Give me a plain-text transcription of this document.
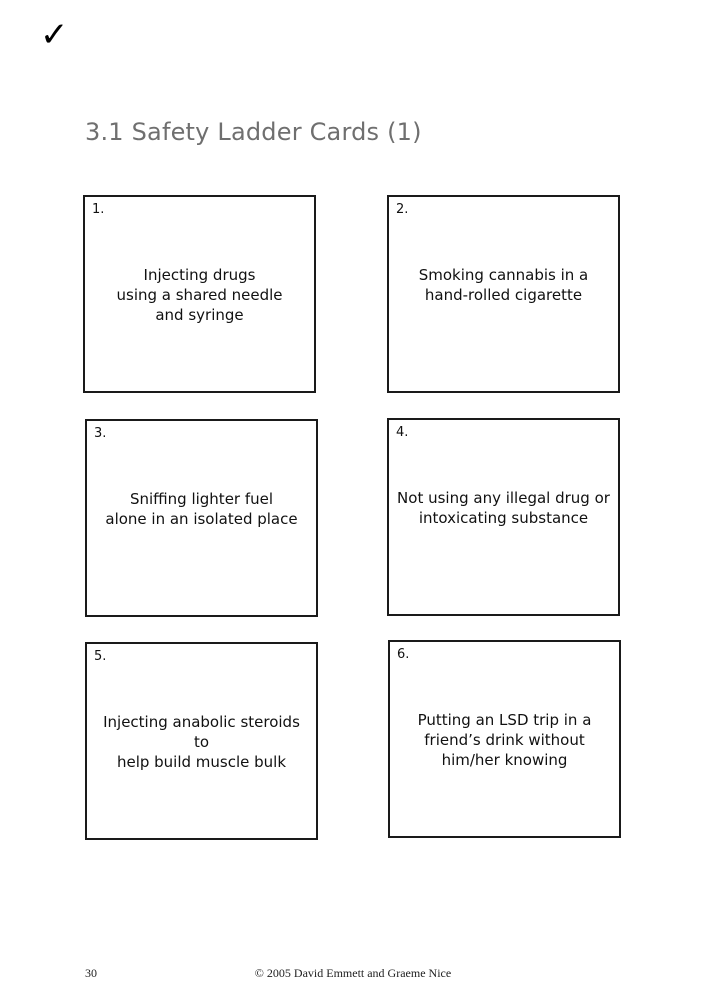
✓
3.1 Safety Ladder Cards (1)
1.
Injecting drugs
using a shared needle
and syringe
2.
Smoking cannabis in a
hand-rolled cigarette
3.
Sniffing lighter fuel
alone in an isolated place
4.
Not using any illegal drug or
intoxicating substance
5.
Injecting anabolic steroids to
help build muscle bulk
6.
Putting an LSD trip in a
friend’s drink without
him/her knowing
30	© 2005 David Emmett and Graeme Nice
